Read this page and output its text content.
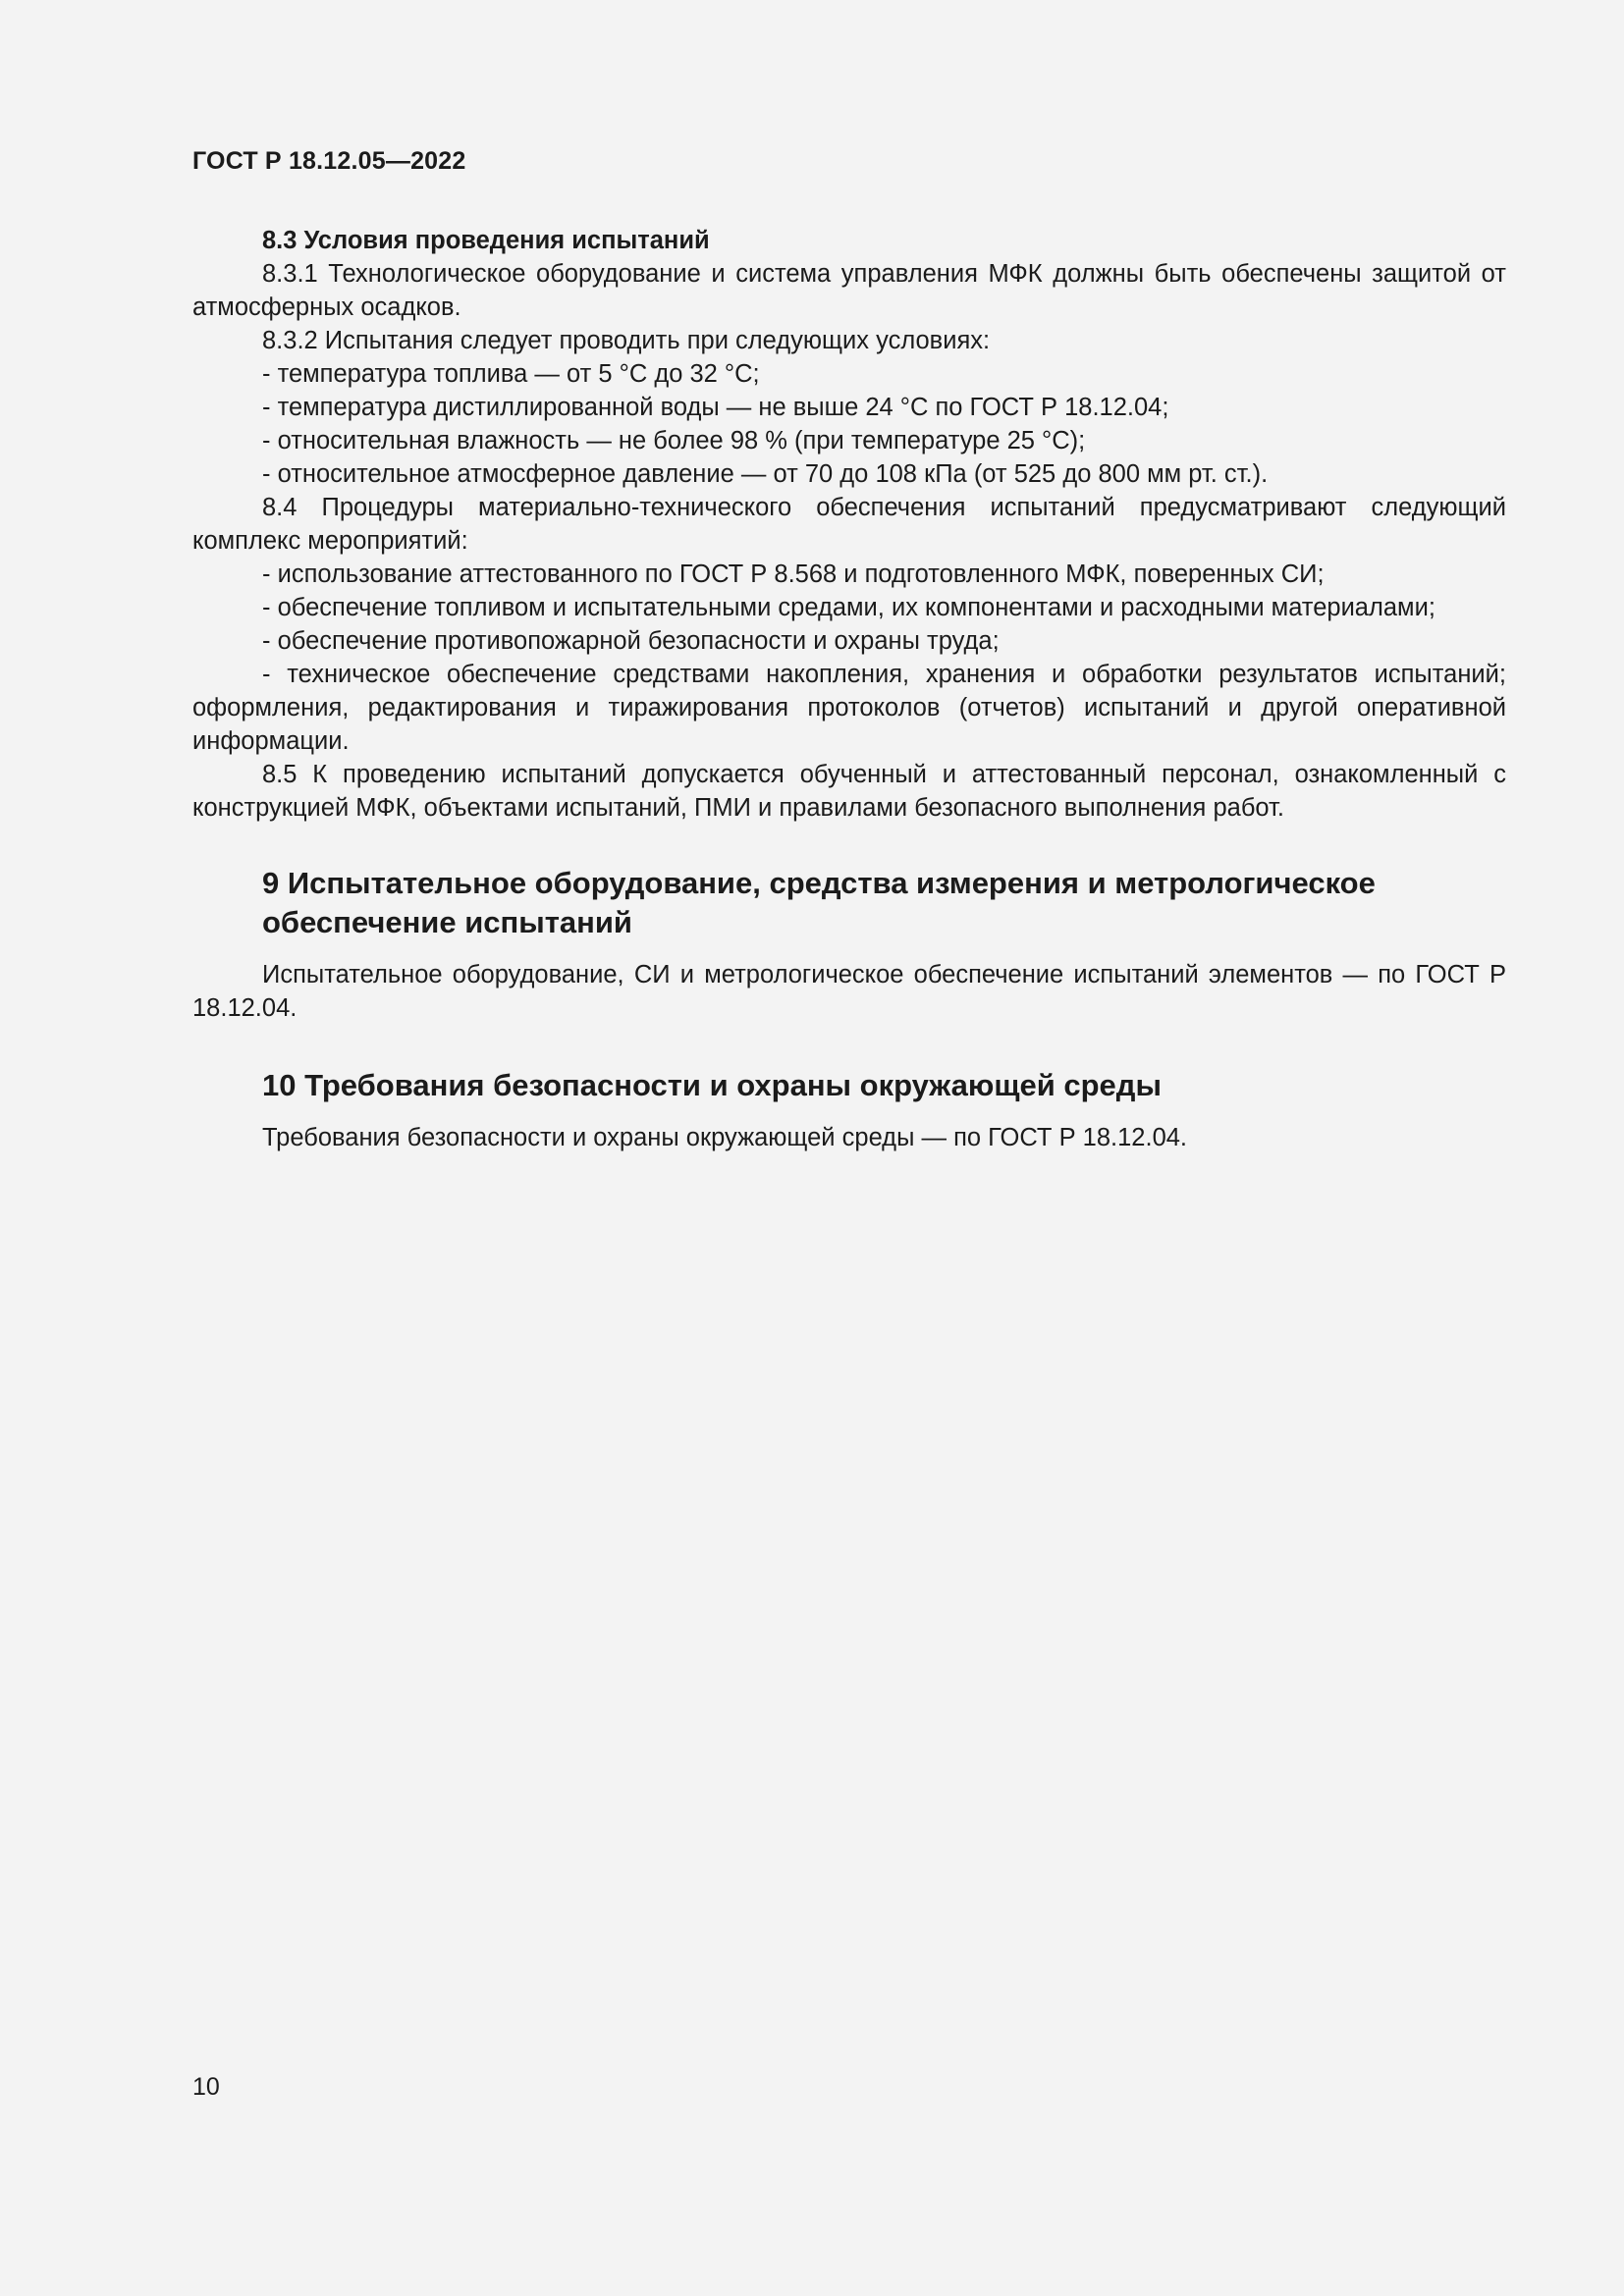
ГОСТ Р 18.12.05—2022

8.3 Условия проведения испытаний

8.3.1 Технологическое оборудование и система управления МФК должны быть обеспечены защитой от атмосферных осадков.

8.3.2 Испытания следует проводить при следующих условиях:

- температура топлива — от 5 °С до 32 °С;

- температура дистиллированной воды — не выше 24 °С по ГОСТ Р 18.12.04;

- относительная влажность — не более 98 % (при температуре 25 °С);

- относительное атмосферное давление — от 70 до 108 кПа (от 525 до 800 мм рт. ст.).

8.4 Процедуры материально-технического обеспечения испытаний предусматривают следующий комплекс мероприятий:

- использование аттестованного по ГОСТ Р 8.568 и подготовленного МФК, поверенных СИ;

- обеспечение топливом и испытательными средами, их компонентами и расходными материалами;

- обеспечение противопожарной безопасности и охраны труда;

- техническое обеспечение средствами накопления, хранения и обработки результатов испытаний; оформления, редактирования и тиражирования протоколов (отчетов) испытаний и другой оперативной информации.

8.5 К проведению испытаний допускается обученный и аттестованный персонал, ознакомленный с конструкцией МФК, объектами испытаний, ПМИ и правилами безопасного выполнения работ.

9 Испытательное оборудование, средства измерения и метрологическое
обеспечение испытаний

Испытательное оборудование, СИ и метрологическое обеспечение испытаний элементов — по ГОСТ Р 18.12.04.

10 Требования безопасности и охраны окружающей среды

Требования безопасности и охраны окружающей среды — по ГОСТ Р 18.12.04.

10
